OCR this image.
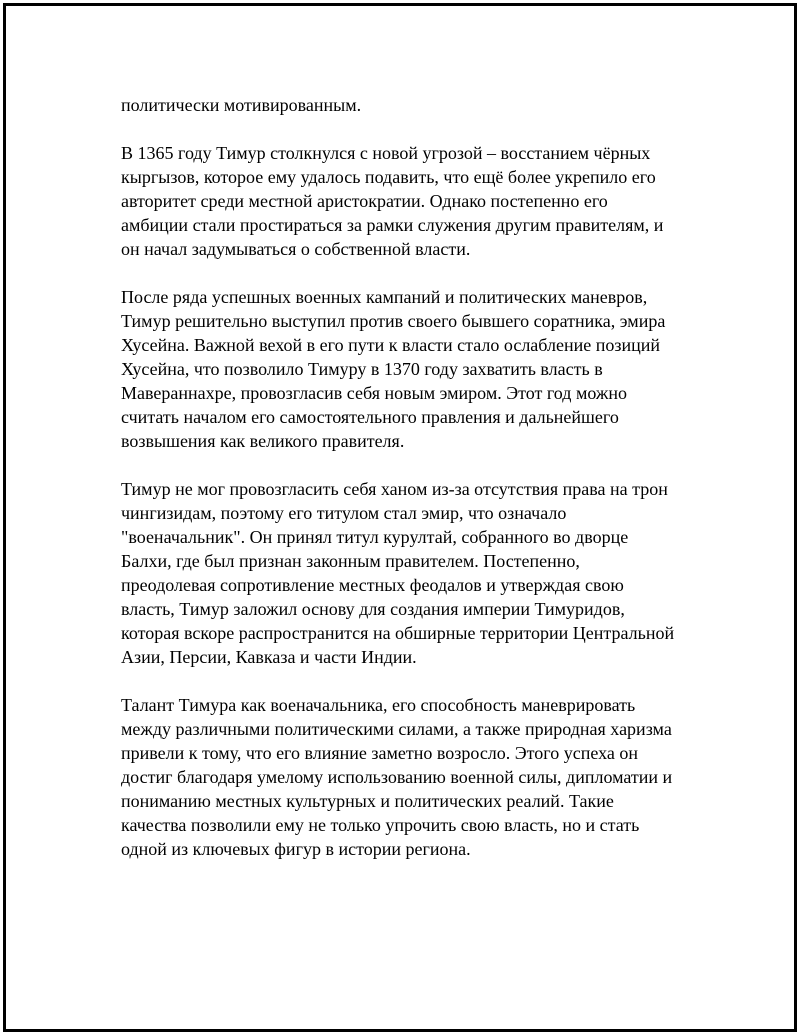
политически мотивированным.

В 1365 году Тимур столкнулся с новой угрозой – восстанием чёрных
кыргызов, которое ему удалось подавить, что ещё более укрепило его
авторитет среди местной аристократии. Однако постепенно его
амбиции стали простираться за рамки служения другим правителям, и
он начал задумываться о собственной власти.

После ряда успешных военных кампаний и политических маневров,
Тимур решительно выступил против своего бывшего соратника, эмира
Хусейна. Важной вехой в его пути к власти стало ослабление позиций
Хусейна, что позволило Тимуру в 1370 году захватить власть в
Мавераннахре, провозгласив себя новым эмиром. Этот год можно
считать началом его самостоятельного правления и дальнейшего
возвышения как великого правителя.

Тимур не мог провозгласить себя ханом из-за отсутствия права на трон
чингизидам, поэтому его титулом стал эмир, что означало
"военачальник". Он принял титул курултай, собранного во дворце
Балхи, где был признан законным правителем. Постепенно,
преодолевая сопротивление местных феодалов и утверждая свою
власть, Тимур заложил основу для создания империи Тимуридов,
которая вскоре распространится на обширные территории Центральной
Азии, Персии, Кавказа и части Индии.

Талант Тимура как военачальника, его способность маневрировать
между различными политическими силами, а также природная харизма
привели к тому, что его влияние заметно возросло. Этого успеха он
достиг благодаря умелому использованию военной силы, дипломатии и
пониманию местных культурных и политических реалий. Такие
качества позволили ему не только упрочить свою власть, но и стать
одной из ключевых фигур в истории региона.
